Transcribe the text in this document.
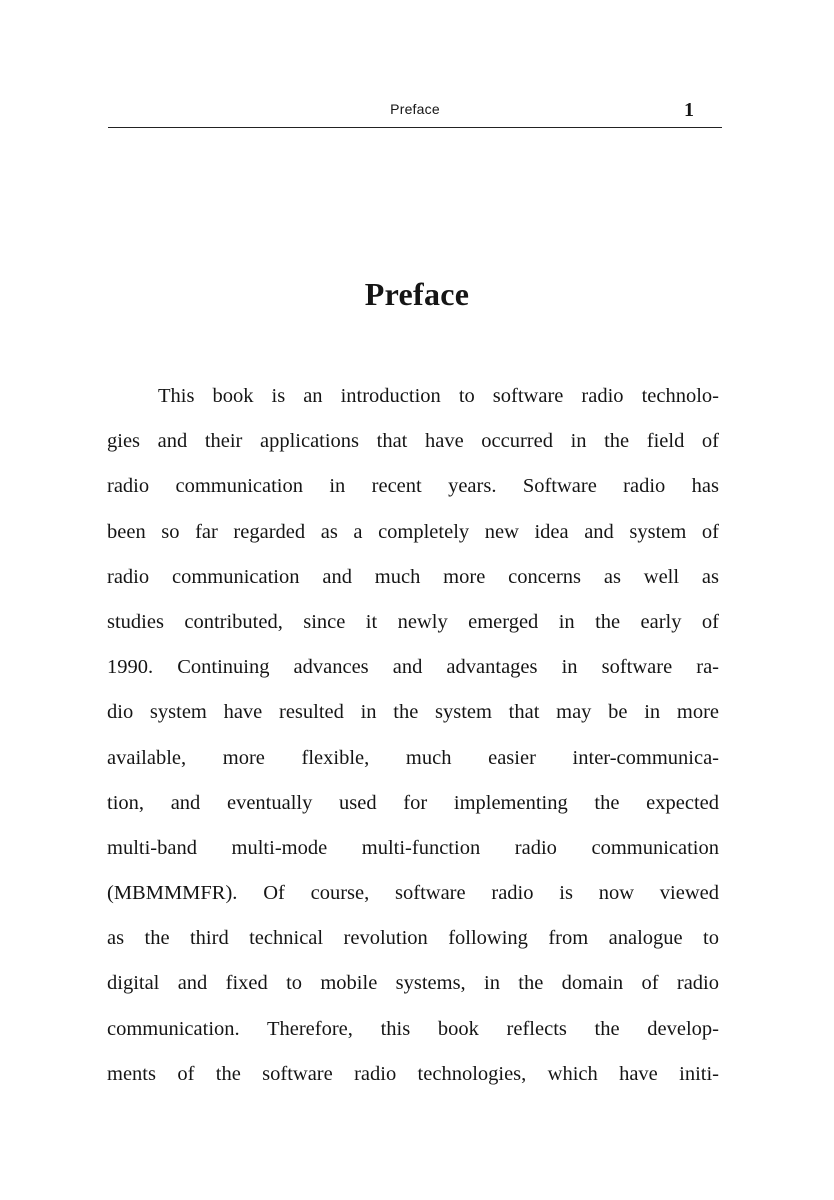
Preface	1
Preface
This book is an introduction to software radio technolo-
gies and their applications that have occurred in the field of
radio communication in recent years. Software radio has
been so far regarded as a completely new idea and system of
radio communication and much more concerns as well as
studies contributed, since it newly emerged in the early of
1990. Continuing advances and advantages in software ra-
dio system have resulted in the system that may be in more
available, more flexible, much easier inter-communica-
tion, and eventually used for implementing the expected
multi-band multi-mode multi-function radio communication
(MBMMMFR). Of course, software radio is now viewed
as the third technical revolution following from analogue to
digital and fixed to mobile systems, in the domain of radio
communication. Therefore, this book reflects the develop-
ments of the software radio technologies, which have initi-
